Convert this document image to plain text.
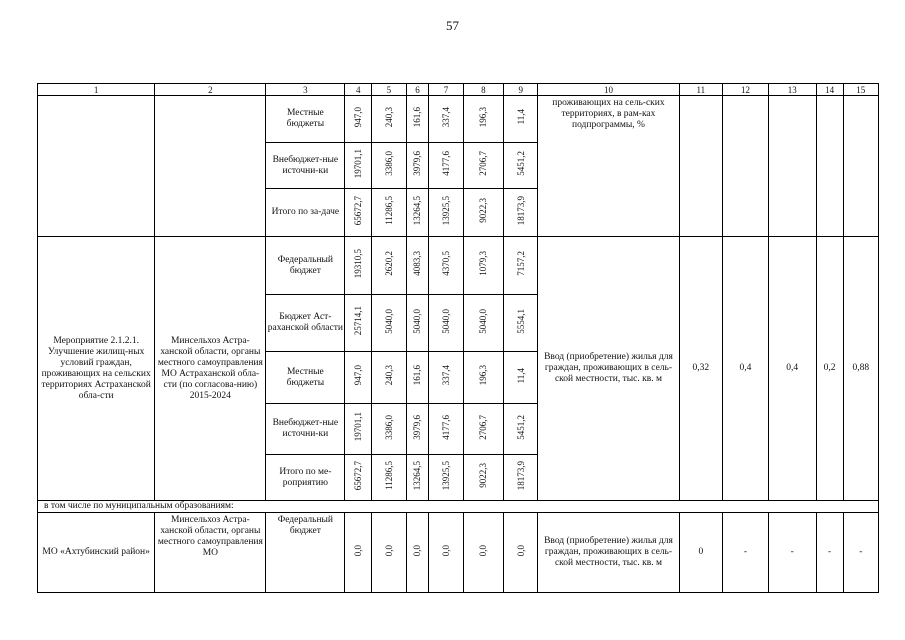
57
1	2	3	4	5	6	7	8	9	10	11	12	13	14	15
		Местные бюджеты	947,0	240,3	161,6	337,4	196,3	11,4	проживающих на сель-ских территориях, в рам-ках подпрограммы, %					
		Внебюджет-ные источни-ки	19701,1	3386,0	3979,6	4177,6	2706,7	5451,2						
		Итого по за-даче	65672,7	11286,5	13264,5	13925,5	9022,3	18173,9						
Мероприятие 2.1.2.1. Улучшение жилищ-ных условий граждан, проживающих на сельских территориях Астраханской обла-сти	Минсельхоз Астра-ханской области, органы местного самоуправления МО Астраханской обла-сти (по согласова-нию) 2015-2024	Федеральный бюджет	19310,5	2620,2	4083,3	4370,5	1079,3	7157,2	Ввод (приобретение) жилья для граждан, проживающих в сель-ской местности, тыс. кв. м	0,32	0,4	0,4	0,2	0,88
		Бюджет Аст-раханской области	25714,1	5040,0	5040,0	5040,0	5040,0	5554,1						
		Местные бюджеты	947,0	240,3	161,6	337,4	196,3	11,4						
		Внебюджет-ные источни-ки	19701,1	3386,0	3979,6	4177,6	2706,7	5451,2						
		Итого по ме-роприятию	65672,7	11286,5	13264,5	13925,5	9022,3	18173,9						
в том числе по муниципальным образованиям:														
МО «Ахтубинский район»	Минсельхоз Астра-ханской области, органы местного самоуправления МО	Федеральный бюджет	0,0	0,0	0,0	0,0	0,0	0,0	Ввод (приобретение) жилья для граждан, проживающих в сель-ской местности, тыс. кв. м	0	-	-	-	-
